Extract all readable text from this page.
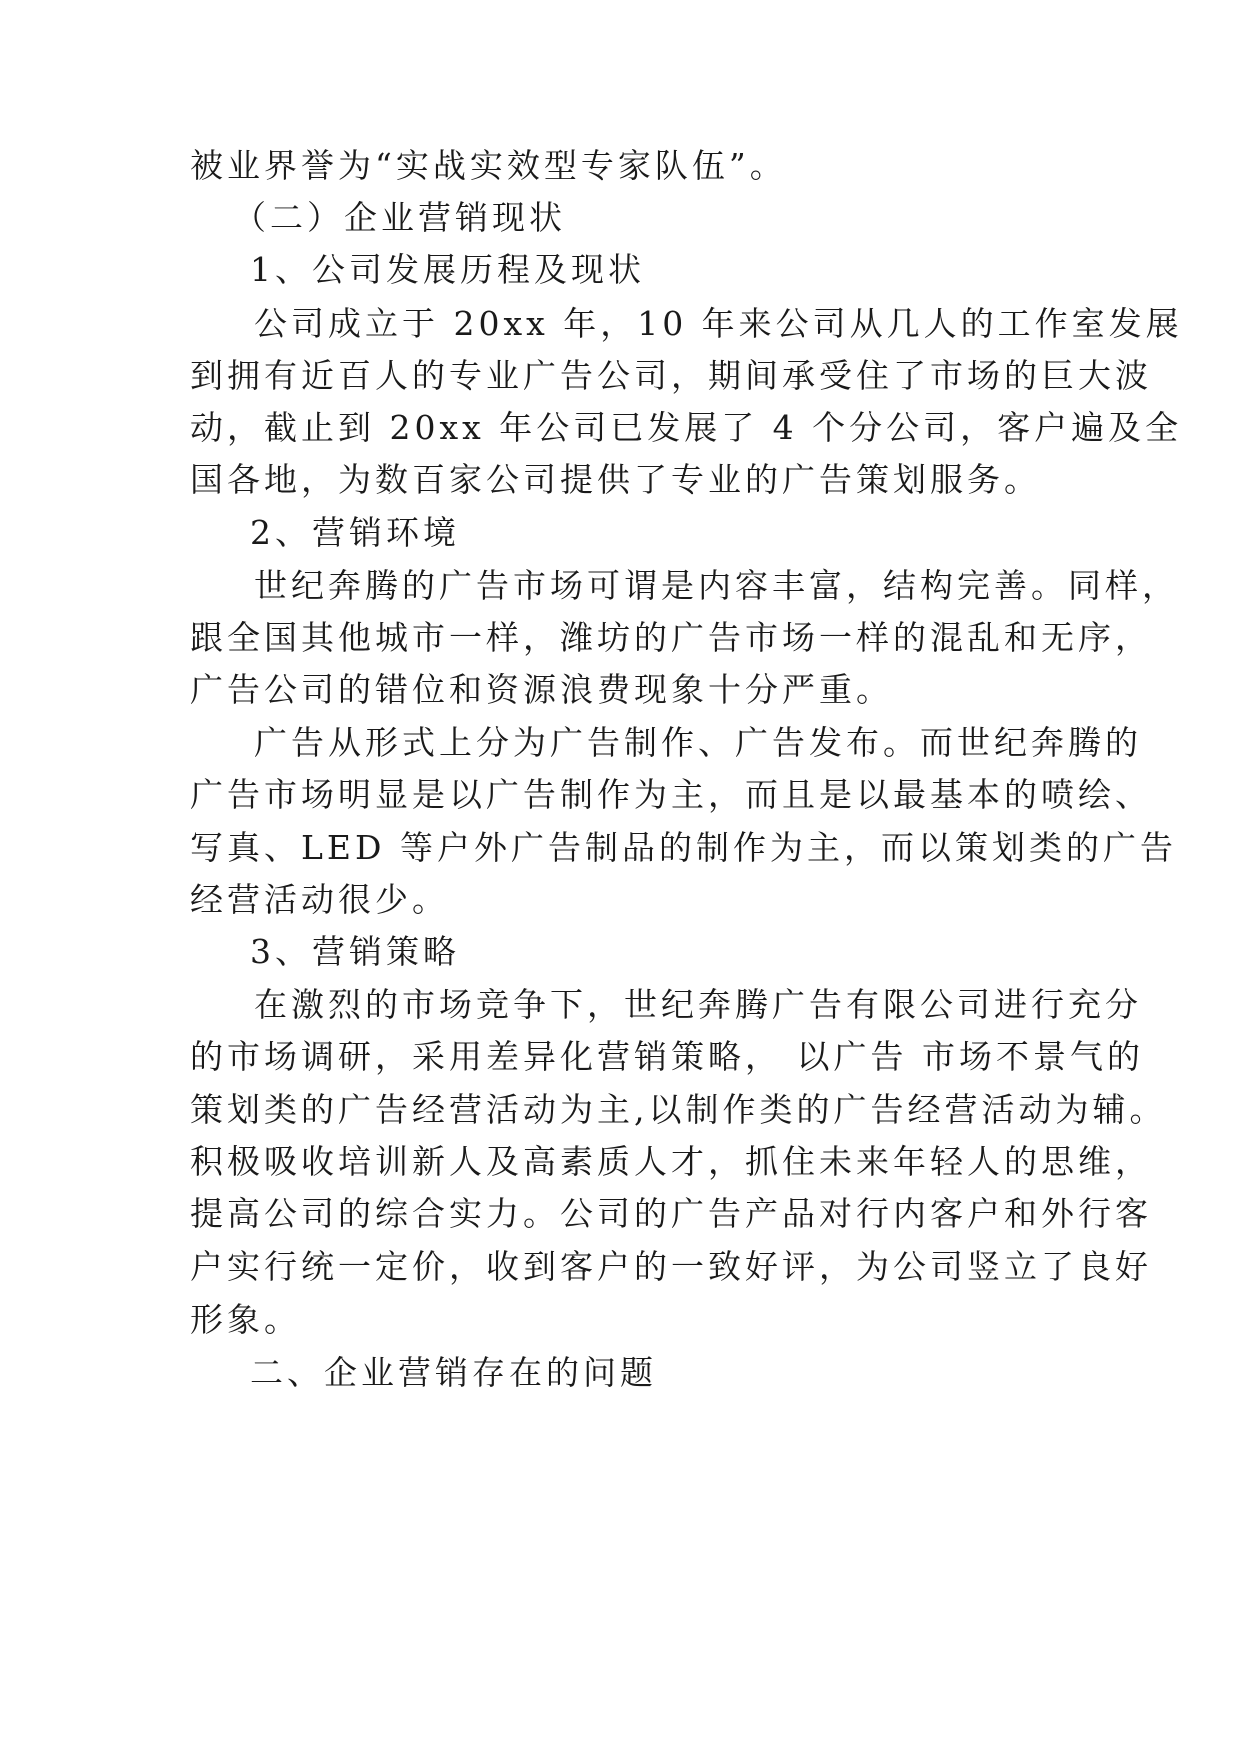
被业界誉为“实战实效型专家队伍”。
（二）企业营销现状
1、公司发展历程及现状
公司成立于 20xx 年，10 年来公司从几人的工作室发展
到拥有近百人的专业广告公司，期间承受住了市场的巨大波
动，截止到 20xx 年公司已发展了 4 个分公司，客户遍及全
国各地，为数百家公司提供了专业的广告策划服务。
2、营销环境
世纪奔腾的广告市场可谓是内容丰富，结构完善。同样，
跟全国其他城市一样，潍坊的广告市场一样的混乱和无序，
广告公司的错位和资源浪费现象十分严重。
广告从形式上分为广告制作、广告发布。而世纪奔腾的
广告市场明显是以广告制作为主，而且是以最基本的喷绘、
写真、LED 等户外广告制品的制作为主，而以策划类的广告
经营活动很少。
3、营销策略
在激烈的市场竞争下，世纪奔腾广告有限公司进行充分
的市场调研，采用差异化营销策略， 以广告 市场不景气的
策划类的广告经营活动为主,以制作类的广告经营活动为辅。
积极吸收培训新人及高素质人才，抓住未来年轻人的思维，
提高公司的综合实力。公司的广告产品对行内客户和外行客
户实行统一定价，收到客户的一致好评，为公司竖立了良好
形象。
二、企业营销存在的问题
